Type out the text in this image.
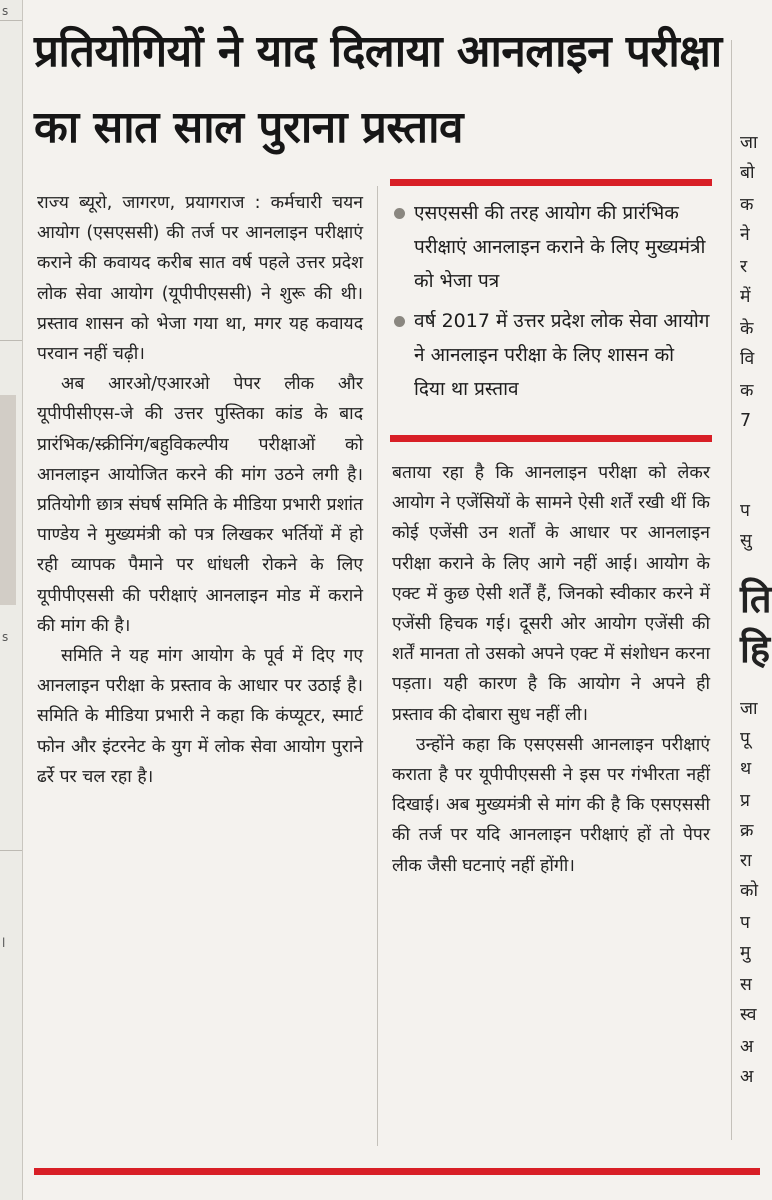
s
s
l
प्रतियोगियों ने याद दिलाया आनलाइन परीक्षा का सात साल पुराना प्रस्ताव

राज्य ब्यूरो, जागरण, प्रयागराज : कर्मचारी चयन आयोग (एसएससी) की तर्ज पर आनलाइन परीक्षाएं कराने की कवायद करीब सात वर्ष पहले उत्तर प्रदेश लोक सेवा आयोग (यूपीपीएससी) ने शुरू की थी। प्रस्ताव शासन को भेजा गया था, मगर यह कवायद परवान नहीं चढ़ी।

अब आरओ/एआरओ पेपर लीक और यूपीपीसीएस-जे की उत्तर पुस्तिका कांड के बाद प्रारंभिक/स्क्रीनिंग/बहुविकल्पीय परीक्षाओं को आनलाइन आयोजित करने की मांग उठने लगी है। प्रतियोगी छात्र संघर्ष समिति के मीडिया प्रभारी प्रशांत पाण्डेय ने मुख्यमंत्री को पत्र लिखकर भर्तियों में हो रही व्यापक पैमाने पर धांधली रोकने के लिए यूपीपीएससी की परीक्षाएं आनलाइन मोड में कराने की मांग की है।

समिति ने यह मांग आयोग के पूर्व में दिए गए आनलाइन परीक्षा के प्रस्ताव के आधार पर उठाई है। समिति के मीडिया प्रभारी ने कहा कि कंप्यूटर, स्मार्ट फोन और इंटरनेट के युग में लोक सेवा आयोग पुराने ढर्रे पर चल रहा है।

एसएससी की तरह आयोग की प्रारंभिक परीक्षाएं आनलाइन कराने के लिए मुख्यमंत्री को भेजा पत्र
वर्ष 2017 में उत्तर प्रदेश लोक सेवा आयोग ने आनलाइन परीक्षा के लिए शासन को दिया था प्रस्ताव

बताया रहा है कि आनलाइन परीक्षा को लेकर आयोग ने एजेंसियों के सामने ऐसी शर्तें रखी थीं कि कोई एजेंसी उन शर्तों के आधार पर आनलाइन परीक्षा कराने के लिए आगे नहीं आई। आयोग के एक्ट में कुछ ऐसी शर्तें हैं, जिनको स्वीकार करने में एजेंसी हिचक गई। दूसरी ओर आयोग एजेंसी की शर्तें मानता तो उसको अपने एक्ट में संशोधन करना पड़ता। यही कारण है कि आयोग ने अपने ही प्रस्ताव की दोबारा सुध नहीं ली।

उन्होंने कहा कि एसएससी आनलाइन परीक्षाएं कराता है पर यूपीपीएससी ने इस पर गंभीरता नहीं दिखाई। अब मुख्यमंत्री से मांग की है कि एसएससी की तर्ज पर यदि आनलाइन परीक्षाएं हों तो पेपर लीक जैसी घटनाएं नहीं होंगी।

जा
बो
क
ने
र
में
के
वि
क
7
प
सु
ति
हि
जा
पू
थ
प्र
क्र
रा
को
प
मु
स
स्व
अ
अ
